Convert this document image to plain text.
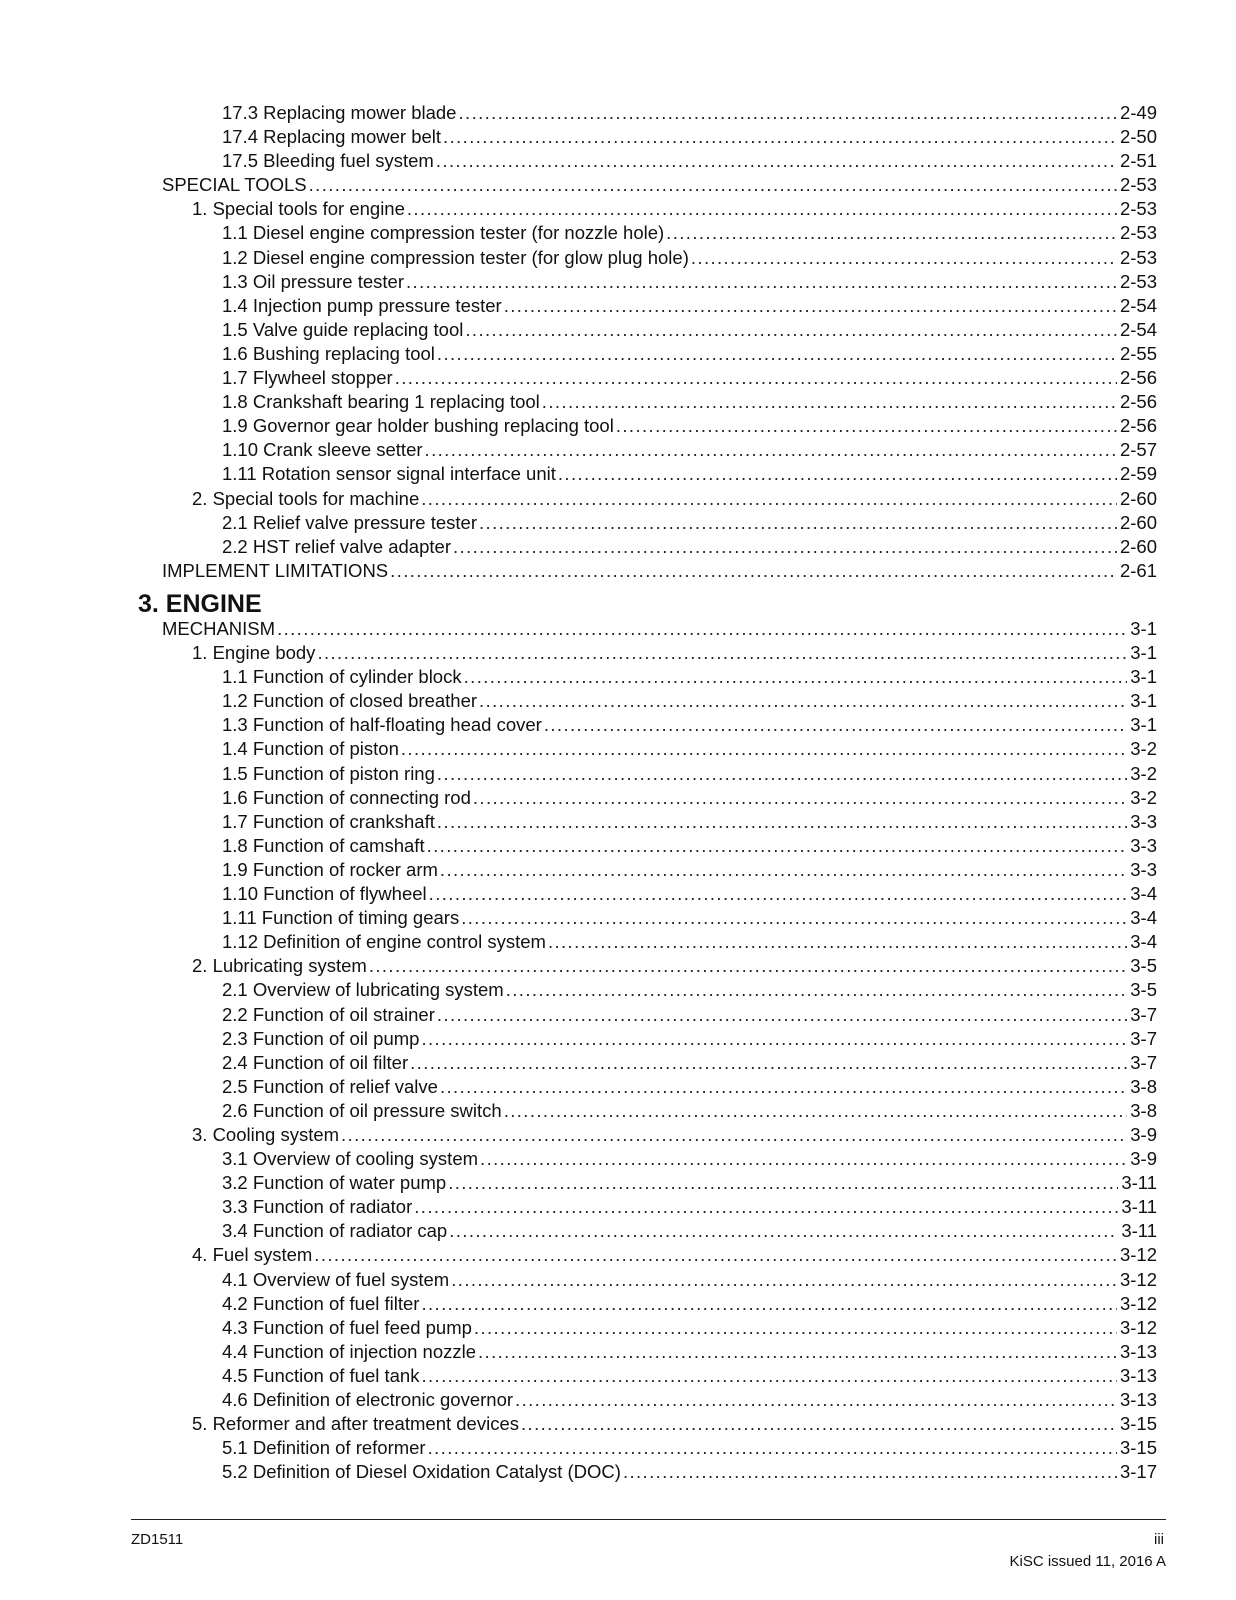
17.3 Replacing mower blade .....	2-49
17.4 Replacing mower belt .....	2-50
17.5 Bleeding fuel system .....	2-51
SPECIAL TOOLS .....	2-53
1. Special tools for engine .....	2-53
1.1 Diesel engine compression tester (for nozzle hole) .....	2-53
1.2 Diesel engine compression tester (for glow plug hole) .....	2-53
1.3 Oil pressure tester .....	2-53
1.4 Injection pump pressure tester .....	2-54
1.5 Valve guide replacing tool .....	2-54
1.6 Bushing replacing tool .....	2-55
1.7 Flywheel stopper .....	2-56
1.8 Crankshaft bearing 1 replacing tool .....	2-56
1.9 Governor gear holder bushing replacing tool .....	2-56
1.10 Crank sleeve setter .....	2-57
1.11 Rotation sensor signal interface unit .....	2-59
2. Special tools for machine .....	2-60
2.1 Relief valve pressure tester .....	2-60
2.2 HST relief valve adapter .....	2-60
IMPLEMENT LIMITATIONS .....	2-61
3. ENGINE
MECHANISM .....	3-1
1. Engine body .....	3-1
1.1 Function of cylinder block .....	3-1
1.2 Function of closed breather .....	3-1
1.3 Function of half-floating head cover .....	3-1
1.4 Function of piston .....	3-2
1.5 Function of piston ring .....	3-2
1.6 Function of connecting rod .....	3-2
1.7 Function of crankshaft .....	3-3
1.8 Function of camshaft .....	3-3
1.9 Function of rocker arm .....	3-3
1.10 Function of flywheel .....	3-4
1.11 Function of timing gears .....	3-4
1.12 Definition of engine control system .....	3-4
2. Lubricating system .....	3-5
2.1 Overview of lubricating system .....	3-5
2.2 Function of oil strainer .....	3-7
2.3 Function of oil pump .....	3-7
2.4 Function of oil filter .....	3-7
2.5 Function of relief valve .....	3-8
2.6 Function of oil pressure switch .....	3-8
3. Cooling system .....	3-9
3.1 Overview of cooling system .....	3-9
3.2 Function of water pump .....	3-11
3.3 Function of radiator .....	3-11
3.4 Function of radiator cap .....	3-11
4. Fuel system .....	3-12
4.1 Overview of fuel system .....	3-12
4.2 Function of fuel filter .....	3-12
4.3 Function of fuel feed pump .....	3-12
4.4 Function of injection nozzle .....	3-13
4.5 Function of fuel tank .....	3-13
4.6 Definition of electronic governor .....	3-13
5. Reformer and after treatment devices .....	3-15
5.1 Definition of reformer .....	3-15
5.2 Definition of Diesel Oxidation Catalyst (DOC) .....	3-17
ZD1511	iii
KiSC issued 11, 2016 A
